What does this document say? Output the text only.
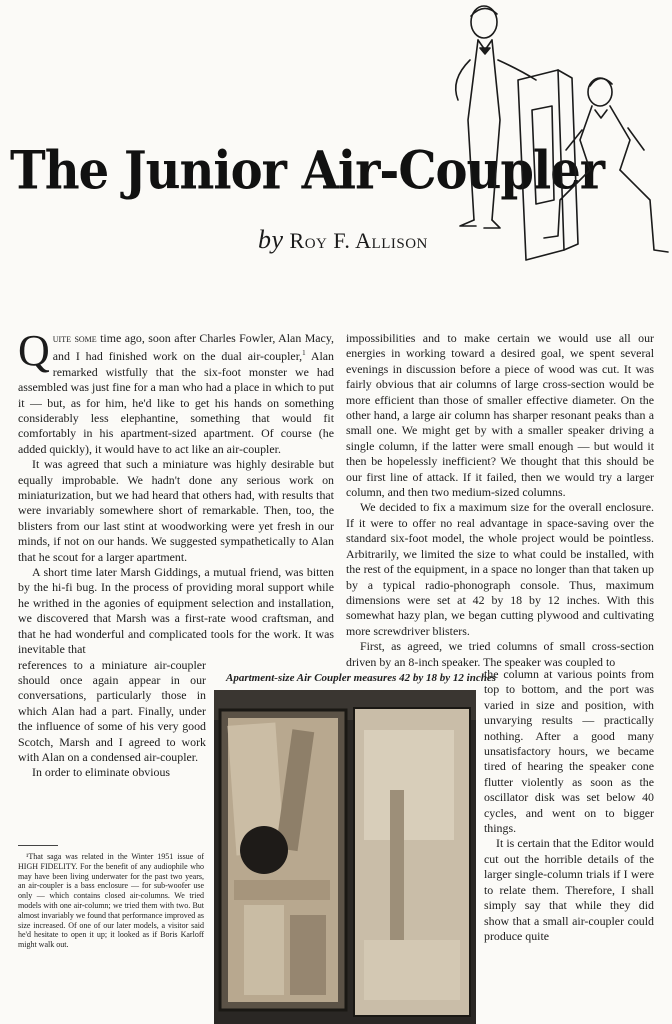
The Junior Air-Coupler
by Roy F. Allison

Quite some time ago, soon after Charles Fowler, Alan Macy, and I had finished work on the dual air-coupler,$^1$ Alan remarked wistfully that the six-foot monster we had assembled was just fine for a man who had a place in which to put it — but, as for him, he'd like to get his hands on something considerably less elephantine, something that would fit comfortably in his apartment-sized apartment. Of course (he added quickly), it would have to act like an air-coupler.

It was agreed that such a miniature was highly desirable but equally improbable. We hadn't done any serious work on miniaturization, but we had heard that others had, with results that were invariably somewhere short of remarkable. Then, too, the blisters from our last stint at woodworking were yet fresh in our minds, if not on our hands. We suggested sympathetically to Alan that he scout for a larger apartment.

A short time later Marsh Giddings, a mutual friend, was bitten by the hi-fi bug. In the process of providing moral support while he writhed in the agonies of equipment selection and installation, we discovered that Marsh was a first-rate wood craftsman, and that he had wonderful and complicated tools for the work. It was inevitable that

references to a miniature air-coupler should once again appear in our conversations, particularly those in which Alan had a part. Finally, under the influence of some of his very good Scotch, Marsh and I agreed to work with Alan on a condensed air-coupler.

In order to eliminate obvious

impossibilities and to make certain we would use all our energies in working toward a desired goal, we spent several evenings in discussion before a piece of wood was cut. It was fairly obvious that air columns of large cross-section would be more efficient than those of smaller effective diameter. On the other hand, a large air column has sharper resonant peaks than a small one. We might get by with a smaller speaker driving a single column, if the latter were small enough — but would it then be hopelessly inefficient? We thought that this should be our first line of attack. If it failed, then we would try a larger column, and then two medium-sized columns.

We decided to fix a maximum size for the overall enclosure. If it were to offer no real advantage in space-saving over the standard six-foot model, the whole project would be pointless. Arbitrarily, we limited the size to what could be installed, with the rest of the equipment, in a space no longer than that taken up by a typical radio-phonograph console. Thus, maximum dimensions were set at 42 by 18 by 12 inches. With this somewhat hazy plan, we began cutting plywood and cultivating more screwdriver blisters.

First, as agreed, we tried columns of small cross-section driven by an 8-inch speaker. The speaker was coupled to

the column at various points from top to bottom, and the port was varied in size and position, with unvarying results — practically nothing. After a good many unsatisfactory hours, we became tired of hearing the speaker cone flutter violently as soon as the oscillator disk was set below 40 cycles, and went on to bigger things.

It is certain that the Editor would cut out the horrible details of the larger single-column trials if I were to relate them. Therefore, I shall simply say that while they did show that a small air-coupler could produce quite

Apartment-size Air Coupler measures 42 by 18 by 12 inches

¹That saga was related in the Winter 1951 issue of HIGH FIDELITY. For the benefit of any audiophile who may have been living underwater for the past two years, an air-coupler is a bass enclosure — for sub-woofer use only — which contains closed air-columns. We tried models with one air-column; we tried them with two. But almost invariably we found that performance improved as size increased. Of one of our later models, a visitor said he'd hesitate to open it up; it looked as if Boris Karloff might walk out.
